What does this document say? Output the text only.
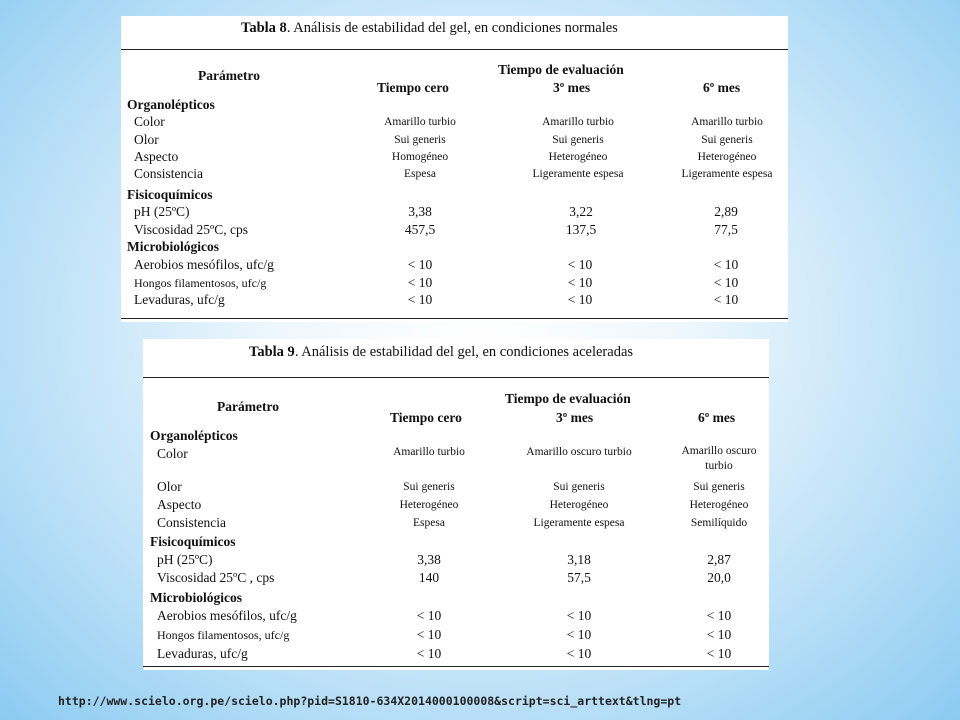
Tabla 8. Análisis de estabilidad del gel, en condiciones normales
Parámetro	Tiempo de evaluación
Tiempo cero	3º mes	6º mes
Organolépticos
Color	Amarillo turbio	Amarillo turbio	Amarillo turbio
Olor	Sui generis	Sui generis	Sui generis
Aspecto	Homogéneo	Heterogéneo	Heterogéneo
Consistencia	Espesa	Ligeramente espesa	Ligeramente espesa
Fisicoquímicos
pH (25ºC)	3,38	3,22	2,89
Viscosidad 25ºC, cps	457,5	137,5	77,5
Microbiológicos
Aerobios mesófilos, ufc/g	< 10	< 10	< 10
Hongos filamentosos, ufc/g	< 10	< 10	< 10
Levaduras, ufc/g	< 10	< 10	< 10
Tabla 9. Análisis de estabilidad del gel, en condiciones aceleradas
Parámetro
Tiempo de evaluación
Tiempo cero	3º mes	6º mes
Organolépticos
Color	Amarillo turbio	Amarillo oscuro turbio	Amarillo oscuro turbio
Olor	Sui generis	Sui generis	Sui generis
Aspecto	Heterogéneo	Heterogéneo	Heterogéneo
Consistencia	Espesa	Ligeramente espesa	Semilíquido
Fisicoquímicos
pH (25ºC)	3,38	3,18	2,87
Viscosidad 25ºC , cps	140	57,5	20,0
Microbiológicos
Aerobios mesófilos, ufc/g	< 10	< 10	< 10
Hongos filamentosos, ufc/g	< 10	< 10	< 10
Levaduras, ufc/g	< 10	< 10	< 10
http://www.scielo.org.pe/scielo.php?pid=S1810-634X2014000100008&script=sci_arttext&tlng=pt
